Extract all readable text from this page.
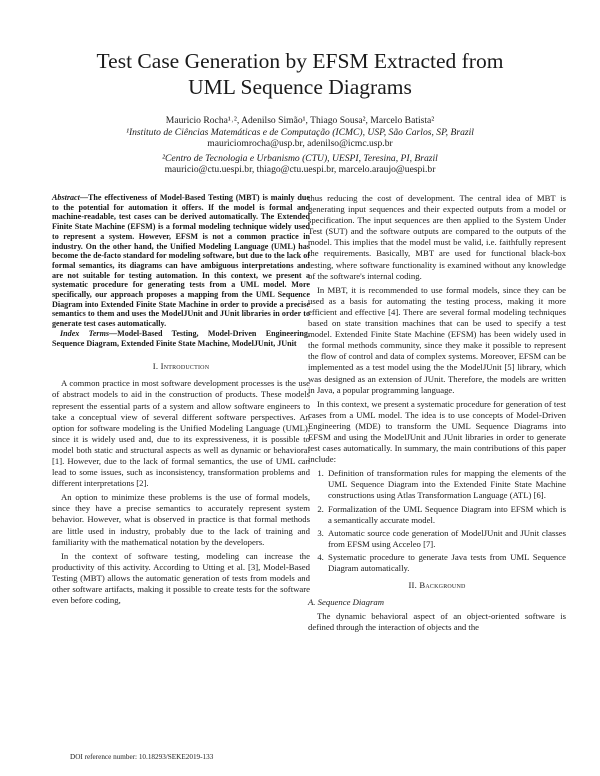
Test Case Generation by EFSM Extracted from
UML Sequence Diagrams
Mauricio Rocha¹˒², Adenilso Simão¹, Thiago Sousa², Marcelo Batista²
¹Instituto de Ciências Matemáticas e de Computação (ICMC), USP, São Carlos, SP, Brazil
mauriciomrocha@usp.br, adenilso@icmc.usp.br
²Centro de Tecnologia e Urbanismo (CTU), UESPI, Teresina, PI, Brazil
mauricio@ctu.uespi.br, thiago@ctu.uespi.br, marcelo.araujo@uespi.br
Abstract—The effectiveness of Model-Based Testing (MBT) is mainly due to the potential for automation it offers. If the model is formal and machine-readable, test cases can be derived automatically. The Extended Finite State Machine (EFSM) is a formal modeling technique widely used to represent a system. However, EFSM is not a common practice in industry. On the other hand, the Unified Modeling Language (UML) has become the de-facto standard for modeling software, but due to the lack of formal semantics, its diagrams can have ambiguous interpretations and are not suitable for testing automation. In this context, we present a systematic procedure for generating tests from a UML model. More specifically, our approach proposes a mapping from the UML Sequence Diagram into Extended Finite State Machine in order to provide a precise semantics to them and uses the ModelJUnit and JUnit libraries in order to generate test cases automatically.
Index Terms—Model-Based Testing, Model-Driven Engineering, Sequence Diagram, Extended Finite State Machine, ModelJUnit, JUnit
I. Introduction

A common practice in most software development processes is the use of abstract models to aid in the construction of products. These models represent the essential parts of a system and allow software engineers to take a conceptual view of several different software perspectives. An option for software modeling is the Unified Modeling Language (UML), since it is widely used and, due to its expressiveness, it is possible to model both static and structural aspects as well as dynamic or behavioral [1]. However, due to the lack of formal semantics, the use of UML can lead to some issues, such as inconsistency, transformation problems and different interpretations [2].

An option to minimize these problems is the use of formal models, since they have a precise semantics to accurately represent system behavior. However, what is observed in practice is that formal methods are little used in industry, probably due to the lack of training and familiarity with the mathematical notation by the developers.

In the context of software testing, modeling can increase the productivity of this activity. According to Utting et al. [3], Model-Based Testing (MBT) allows the automatic generation of tests from models and other software artifacts, making it possible to create tests for the software even before coding,

thus reducing the cost of development. The central idea of MBT is generating input sequences and their expected outputs from a model or specification. The input sequences are then applied to the System Under Test (SUT) and the software outputs are compared to the outputs of the model. This implies that the model must be valid, i.e. faithfully represent the requirements. Basically, MBT are used for functional black-box testing, where software functionality is examined without any knowledge of the software's internal coding.

In MBT, it is recommended to use formal models, since they can be used as a basis for automating the testing process, making it more efficient and effective [4]. There are several formal modeling techniques based on state transition machines that can be used to specify a test model. Extended Finite State Machine (EFSM) has been widely used in the formal methods community, since they make it possible to represent the flow of control and data of complex systems. Moreover, EFSM can be implemented as a test model using the the ModelJUnit [5] library, which was designed as an extension of JUnit. Therefore, the models are written in Java, a popular programming language.

In this context, we present a systematic procedure for generation of test cases from a UML model. The idea is to use concepts of Model-Driven Engineering (MDE) to transform the UML Sequence Diagrams into EFSM and using the ModelJUnit and JUnit libraries in order to generate test cases automatically. In summary, the main contributions of this paper include:

1. Definition of transformation rules for mapping the elements of the UML Sequence Diagram into the Extended Finite State Machine constructions using Atlas Transformation Language (ATL) [6].
2. Formalization of the UML Sequence Diagram into EFSM which is a semantically accurate model.
3. Automatic source code generation of ModelJUnit and JUnit classes from EFSM using Acceleo [7].
4. Systematic procedure to generate Java tests from UML Sequence Diagram automatically.
II. Background
A. Sequence Diagram

The dynamic behavioral aspect of an object-oriented software is defined through the interaction of objects and the

DOI reference number: 10.18293/SEKE2019-133
